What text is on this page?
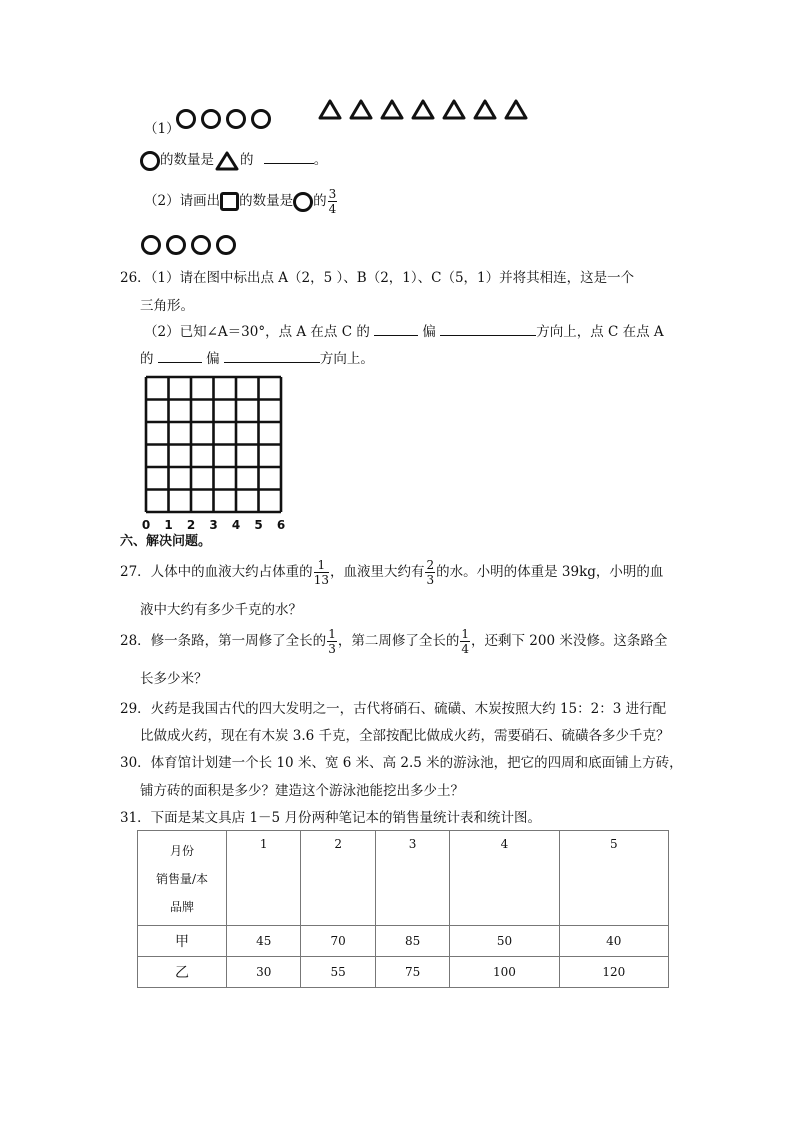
（1）

的数量是 的	。
（2）请画出 的数量是 的 $\frac{3}{4}$

26．（1）请在图中标出点 A（2，5 ）、B（2，1）、C（5，1）并将其相连，这是一个
三角形。
（2）已知∠A＝30°，点 A 在点 C 的	偏	方向上，点 C 在点 A
的	偏	方向上。
0 1 2 3 4 5 6
六、解决问题。
27．人体中的血液大约占体重的 $\frac{1}{13}$ ，血液里大约有 $\frac{2}{3}$ 的水。小明的体重是 39kg，小明的血
液中大约有多少千克的水？
28．修一条路，第一周修了全长的 $\frac{1}{3}$ ，第二周修了全长的 $\frac{1}{4}$ ，还剩下 200 米没修。这条路全
长多少米？
29．火药是我国古代的四大发明之一，古代将硝石、硫磺、木炭按照大约 15：2：3 进行配
比做成火药，现在有木炭 3.6 千克，全部按配比做成火药，需要硝石、硫磺各多少千克？
30．体育馆计划建一个长 10 米、宽 6 米、高 2.5 米的游泳池，把它的四周和底面铺上方砖，
铺方砖的面积是多少？建造这个游泳池能挖出多少土？
31．下面是某文具店 1－5 月份两种笔记本的销售量统计表和统计图。
月份
销售量/本
品牌	1	2	3	4	5
甲	45	70	85	50	40
乙	30	55	75	100	120
